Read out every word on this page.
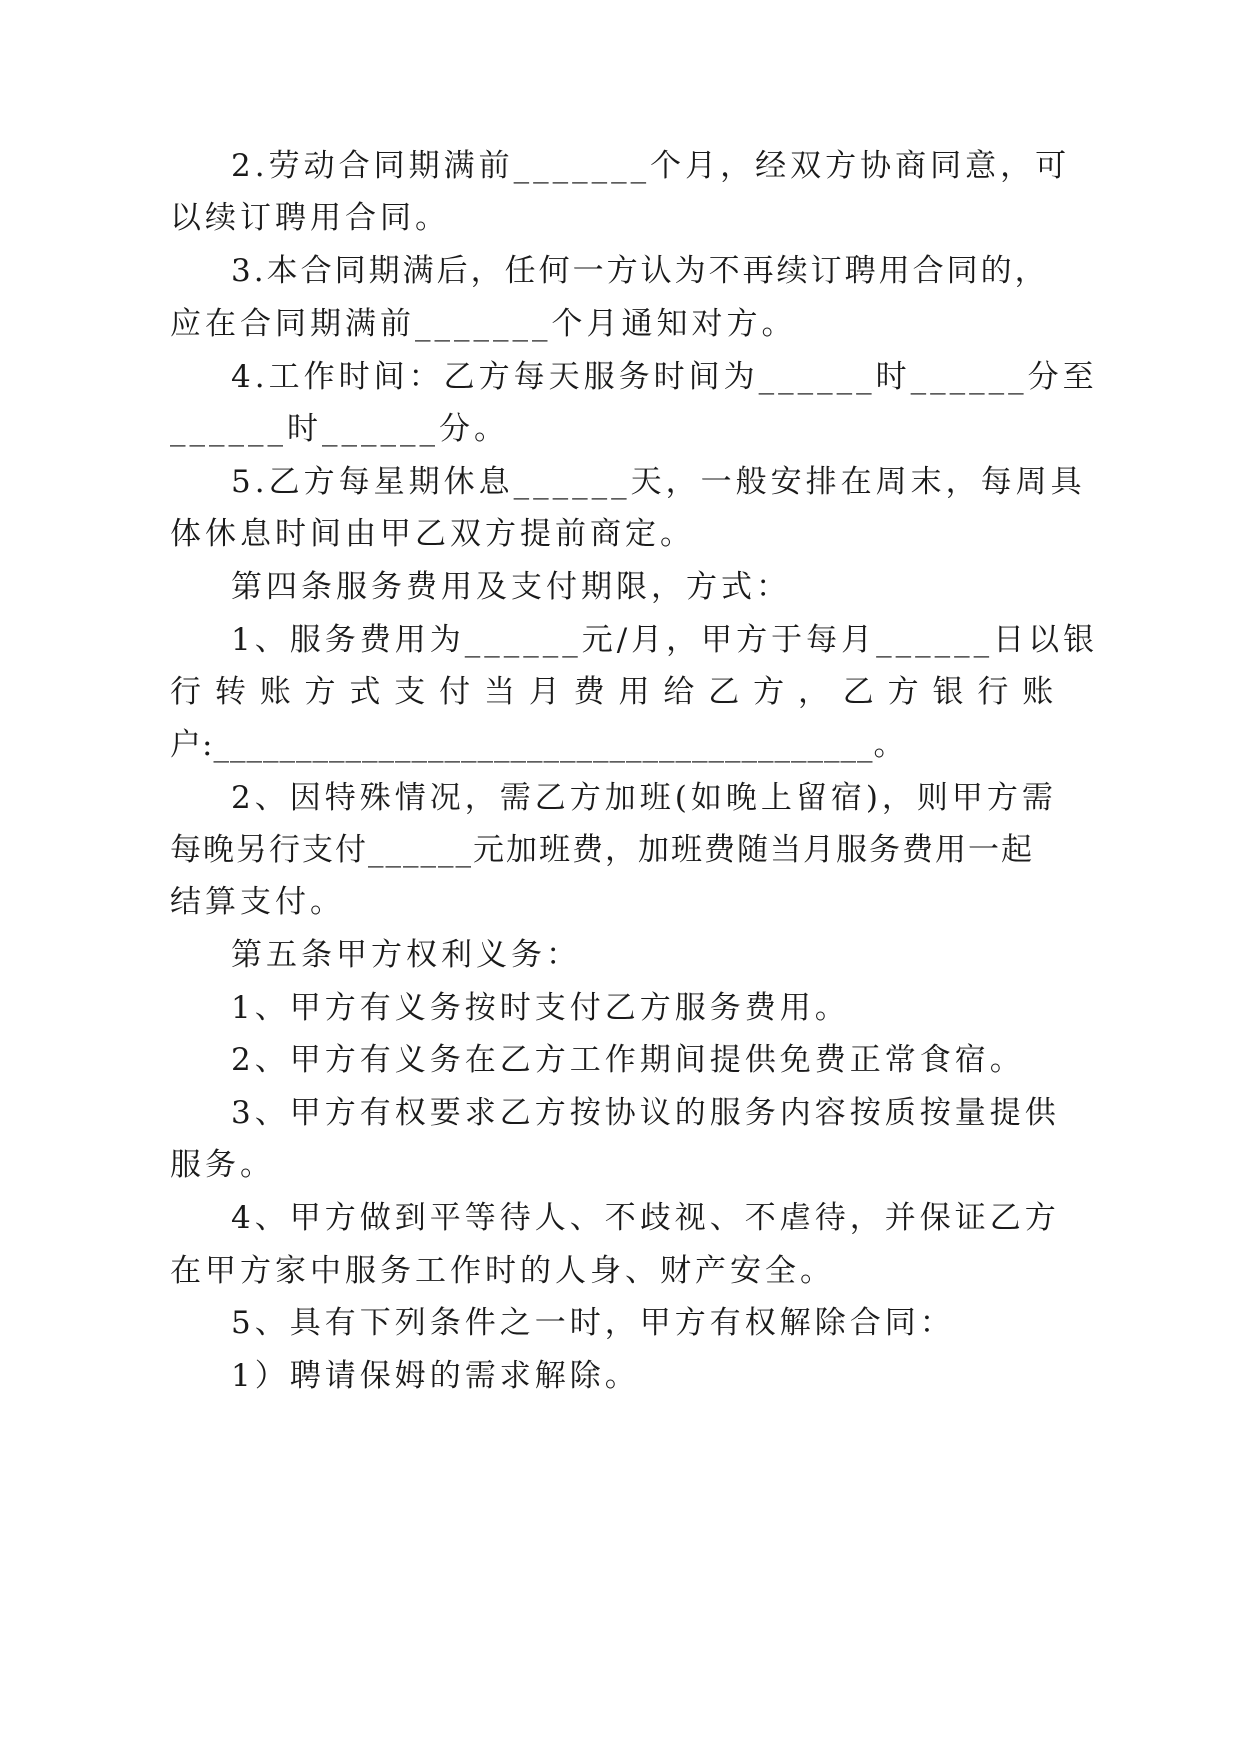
2.劳动合同期满前_______个月，经双方协商同意，可
以续订聘用合同。
3.本合同期满后，任何一方认为不再续订聘用合同的，
应在合同期满前_______个月通知对方。
4.工作时间：乙方每天服务时间为______时______分至
______时______分。
5.乙方每星期休息______天，一般安排在周末，每周具
体休息时间由甲乙双方提前商定。
第四条服务费用及支付期限，方式：
1、服务费用为______元/月，甲方于每月______日以银
行 转 账 方 式 支 付 当 月 费 用 给 乙 方 ， 乙 方 银 行 账
户:________________________________________。
2、因特殊情况，需乙方加班(如晚上留宿)，则甲方需
每晚另行支付______元加班费，加班费随当月服务费用一起
结算支付。
第五条甲方权利义务：
1、甲方有义务按时支付乙方服务费用。
2、甲方有义务在乙方工作期间提供免费正常食宿。
3、甲方有权要求乙方按协议的服务内容按质按量提供
服务。
4、甲方做到平等待人、不歧视、不虐待，并保证乙方
在甲方家中服务工作时的人身、财产安全。
5、具有下列条件之一时，甲方有权解除合同：
1）聘请保姆的需求解除。
